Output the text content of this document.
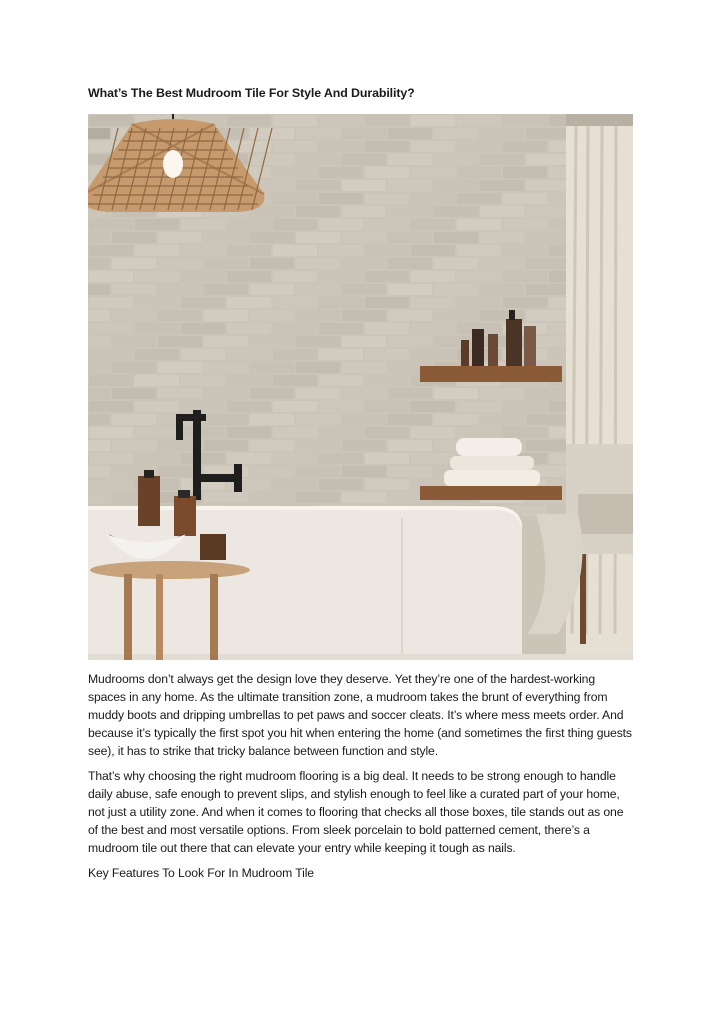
What’s The Best Mudroom Tile For Style And Durability?

Mudrooms don’t always get the design love they deserve. Yet they’re one of the hardest-working spaces in any home. As the ultimate transition zone, a mudroom takes the brunt of everything from muddy boots and dripping umbrellas to pet paws and soccer cleats. It’s where mess meets order. And because it’s typically the first spot you hit when entering the home (and sometimes the first thing guests see), it has to strike that tricky balance between function and style.

That’s why choosing the right mudroom flooring is a big deal. It needs to be strong enough to handle daily abuse, safe enough to prevent slips, and stylish enough to feel like a curated part of your home, not just a utility zone. And when it comes to flooring that checks all those boxes, tile stands out as one of the best and most versatile options. From sleek porcelain to bold patterned cement, there’s a mudroom tile out there that can elevate your entry while keeping it tough as nails.

Key Features To Look For In Mudroom Tile
